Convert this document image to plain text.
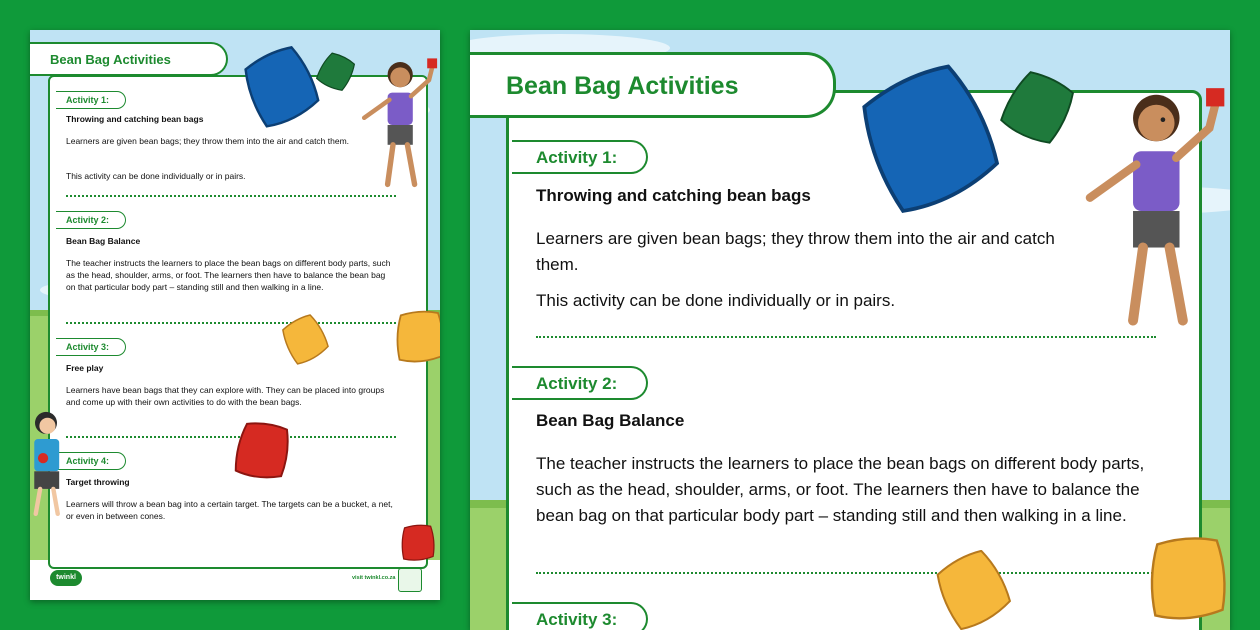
Bean Bag Activities
Activity 1:
Throwing and catching bean bags
Learners are given bean bags; they throw them into the air and catch them.
This activity can be done individually or in pairs.
Activity 2:
Bean Bag Balance
The teacher instructs the learners to place the bean bags on different body parts, such as the head, shoulder, arms, or foot. The learners then have to balance the bean bag on that particular body part – standing still and then walking in a line.
Activity 3:
Free play
Learners have bean bags that they can explore with. They can be placed into groups and come up with their own activities to do with the bean bags.
Activity 4:
Target throwing
Learners will throw a bean bag into a certain target. The targets can be a bucket, a net, or even in between cones.
twinkl	visit twinkl.co.za
Bean Bag Activities
Activity 1:
Throwing and catching bean bags
Learners are given bean bags; they throw them into the air and catch them.
This activity can be done individually or in pairs.
Activity 2:
Bean Bag Balance
The teacher instructs the learners to place the bean bags on different body parts, such as the head, shoulder, arms, or foot. The learners then have to balance the bean bag on that particular body part – standing still and then walking in a line.
Activity 3:
